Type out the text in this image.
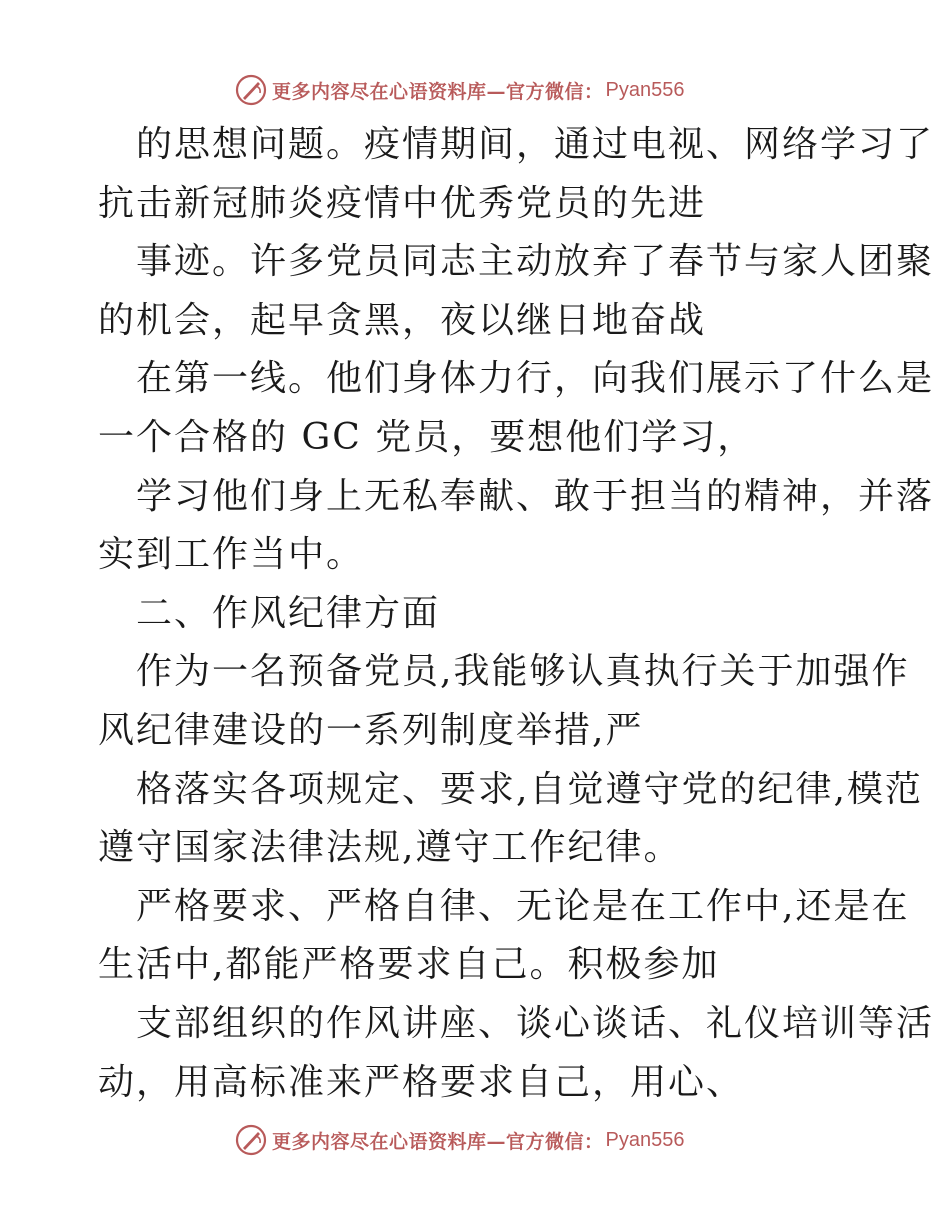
更多内容尽在心语资料库—官方微信： Pyan556
的思想问题。疫情期间，通过电视、网络学习了
抗击新冠肺炎疫情中优秀党员的先进
事迹。许多党员同志主动放弃了春节与家人团聚
的机会，起早贪黑，夜以继日地奋战
在第一线。他们身体力行，向我们展示了什么是
一个合格的 GC 党员，要想他们学习，
学习他们身上无私奉献、敢于担当的精神，并落
实到工作当中。
二、作风纪律方面
作为一名预备党员,我能够认真执行关于加强作
风纪律建设的一系列制度举措,严
格落实各项规定、要求,自觉遵守党的纪律,模范
遵守国家法律法规,遵守工作纪律。
严格要求、严格自律、无论是在工作中,还是在
生活中,都能严格要求自己。积极参加
支部组织的作风讲座、谈心谈话、礼仪培训等活
动，用高标准来严格要求自己，用心、
更多内容尽在心语资料库—官方微信： Pyan556
